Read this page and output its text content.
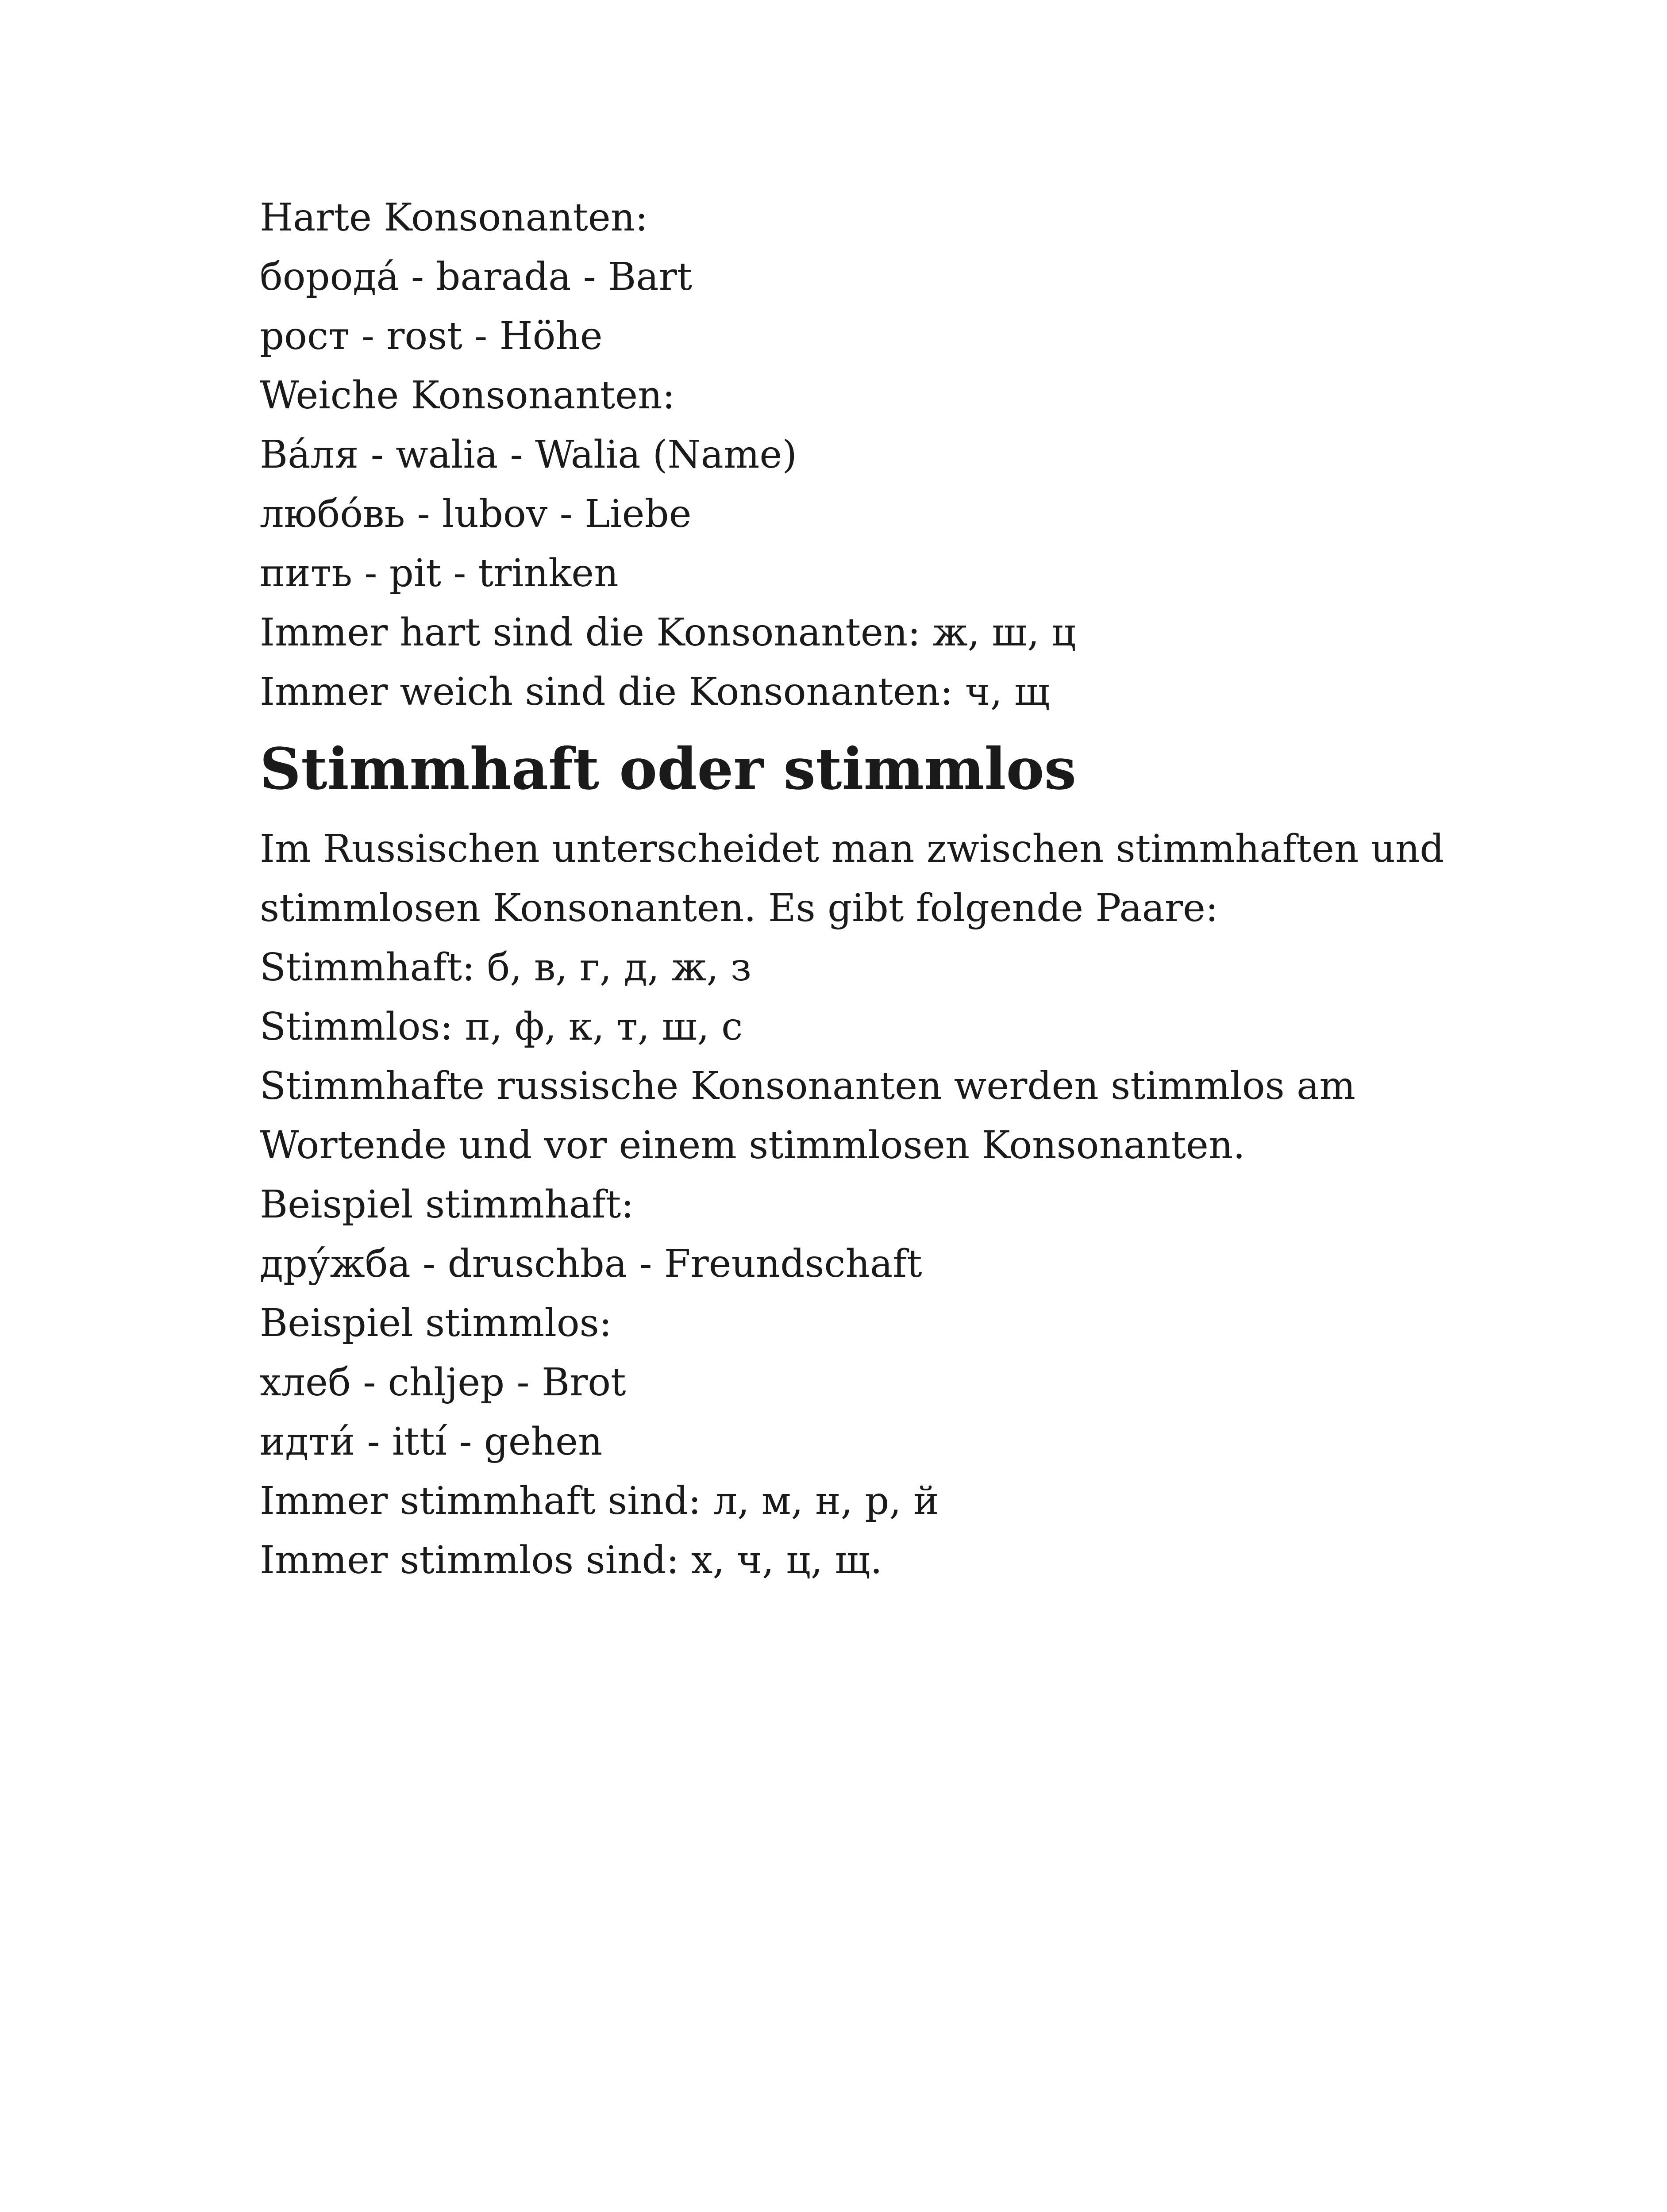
Harte Konsonanten:

борода́ - barada - Bart

рост - rost - Höhe

Weiche Konsonanten:

Ва́ля - walia - Walia (Name)

любо́вь - lubov - Liebe

пить - pit - trinken

Immer hart sind die Konsonanten: ж, ш, ц

Immer weich sind die Konsonanten: ч, щ

Stimmhaft oder stimmlos

Im Russischen unterscheidet man zwischen stimmhaften und

stimmlosen Konsonanten. Es gibt folgende Paare:

Stimmhaft: б, в, г, д, ж, з

Stimmlos: п, ф, к, т, ш, с

Stimmhafte russische Konsonanten werden stimmlos am

Wortende und vor einem stimmlosen Konsonanten.

Beispiel stimmhaft:

дру́жба - druschba - Freundschaft

Beispiel stimmlos:

хлеб - chljep - Brot

идти́ - ittí - gehen

Immer stimmhaft sind: л, м, н, р, й

Immer stimmlos sind: х, ч, ц, щ.
